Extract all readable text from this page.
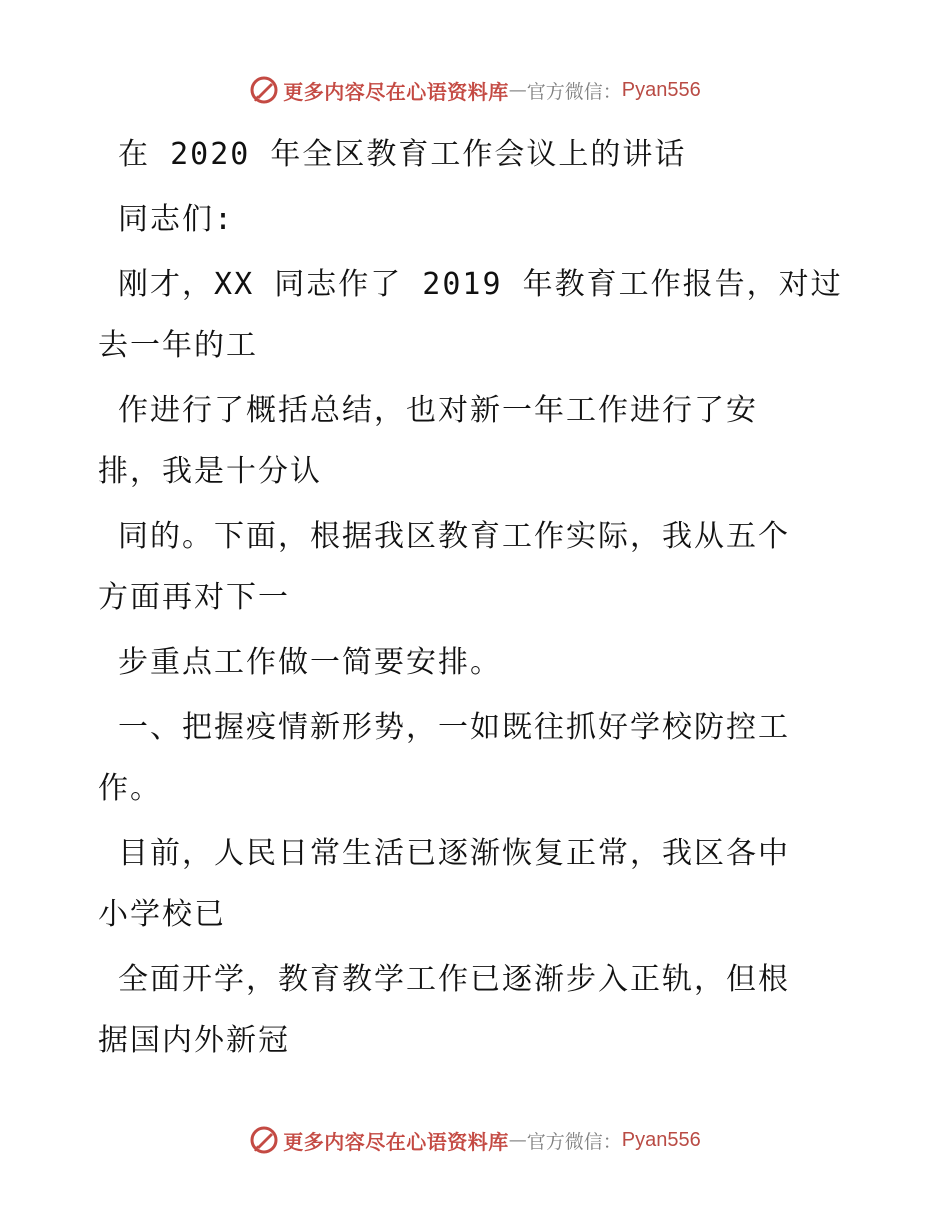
更多内容尽在心语资料库 — 官方微信： Pyan556
在 2020 年全区教育工作会议上的讲话
同志们:
刚才，XX 同志作了 2019 年教育工作报告，对过
去一年的工
作进行了概括总结，也对新一年工作进行了安
排，我是十分认
同的。下面，根据我区教育工作实际，我从五个
方面再对下一
步重点工作做一简要安排。
一、把握疫情新形势，一如既往抓好学校防控工
作。
目前，人民日常生活已逐渐恢复正常，我区各中
小学校已
全面开学，教育教学工作已逐渐步入正轨，但根
据国内外新冠
更多内容尽在心语资料库 — 官方微信： Pyan556
